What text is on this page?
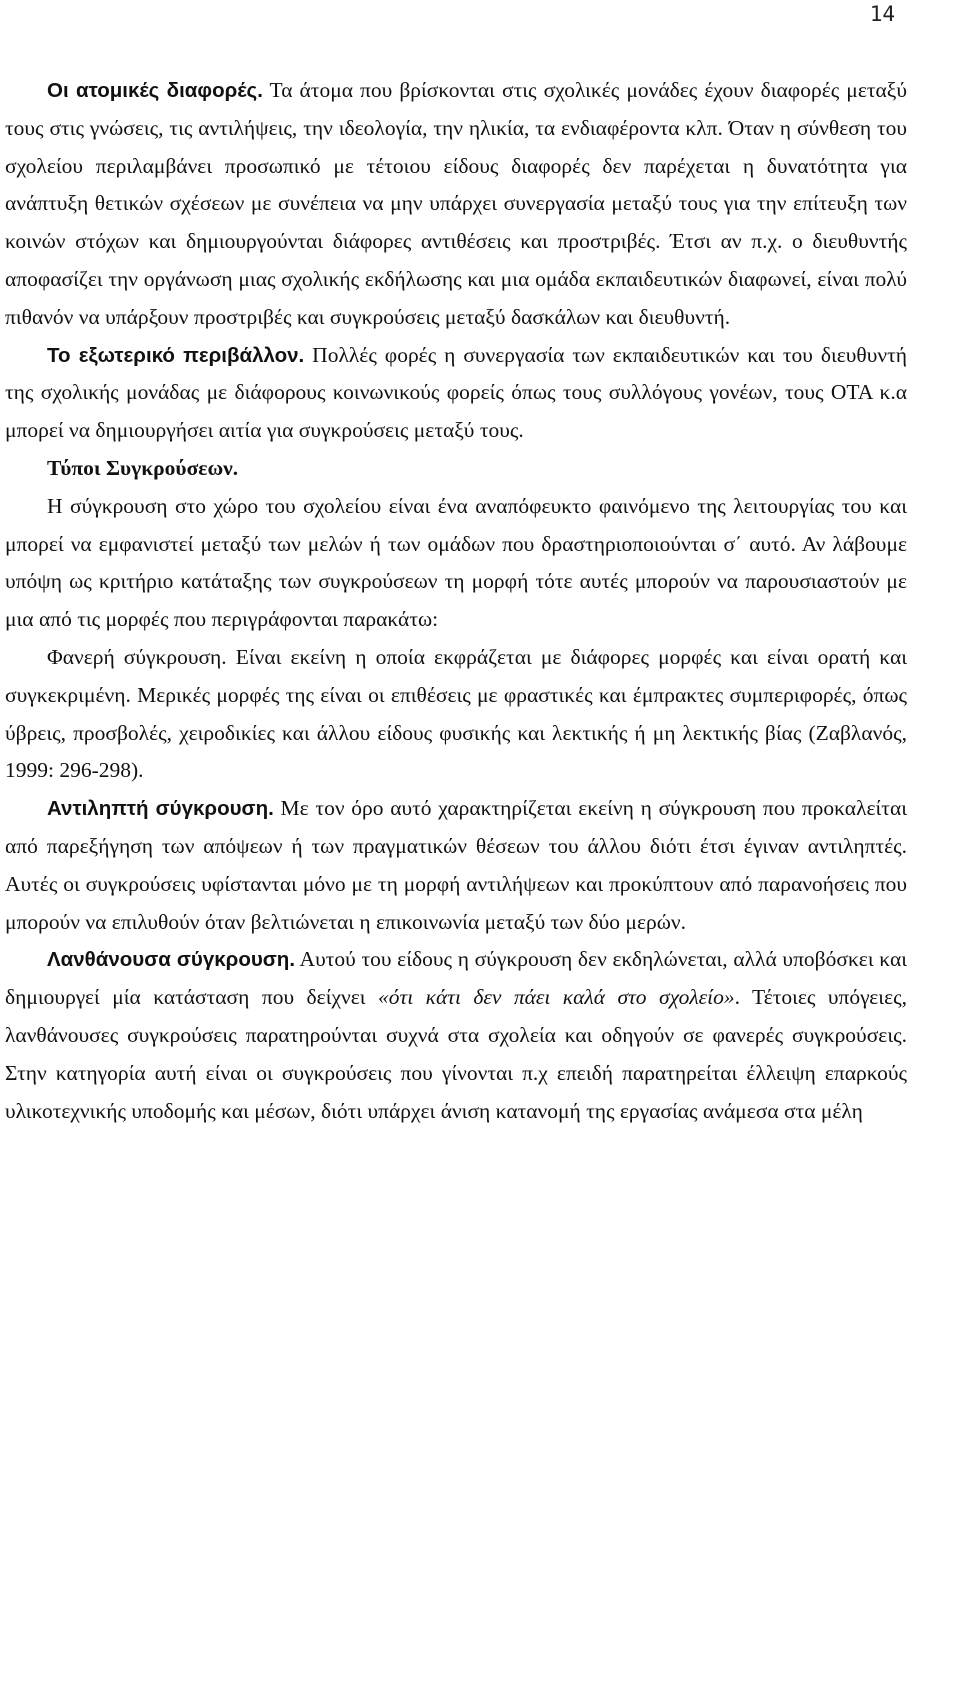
14

Οι ατομικές διαφορές. Τα άτομα που βρίσκονται στις σχολικές μονάδες έχουν διαφορές μεταξύ τους στις γνώσεις, τις αντιλήψεις, την ιδεολογία, την ηλικία, τα ενδιαφέροντα κλπ. Όταν η σύνθεση του σχολείου περιλαμβάνει προσωπικό με τέτοιου είδους διαφορές δεν παρέχεται η δυνατότητα για ανάπτυξη θετικών σχέσεων με συνέπεια να μην υπάρχει συνεργασία μεταξύ τους για την επίτευξη των κοινών στόχων και δημιουργούνται διάφορες αντιθέσεις και προστριβές. Έτσι αν π.χ. ο διευθυντής αποφασίζει την οργάνωση μιας σχολικής εκδήλωσης και μια ομάδα εκπαιδευτικών διαφωνεί, είναι πολύ πιθανόν να υπάρξουν προστριβές και συγκρούσεις μεταξύ δασκάλων και διευθυντή.

Το εξωτερικό περιβάλλον. Πολλές φορές η συνεργασία των εκπαιδευτικών και του διευθυντή της σχολικής μονάδας με διάφορους κοινωνικούς φορείς όπως τους συλλόγους γονέων, τους ΟΤΑ κ.α μπορεί να δημιουργήσει αιτία για συγκρούσεις μεταξύ τους.

Τύποι Συγκρούσεων.

Η σύγκρουση στο χώρο του σχολείου είναι ένα αναπόφευκτο φαινόμενο της λειτουργίας του και μπορεί να εμφανιστεί μεταξύ των μελών ή των ομάδων που δραστηριοποιούνται σ΄ αυτό. Αν λάβουμε υπόψη ως κριτήριο κατάταξης των συγκρούσεων τη μορφή τότε αυτές μπορούν να παρουσιαστούν με μια από τις μορφές που περιγράφονται παρακάτω:

Φανερή σύγκρουση. Είναι εκείνη η οποία εκφράζεται με διάφορες μορφές και είναι ορατή και συγκεκριμένη. Μερικές μορφές της είναι οι επιθέσεις με φραστικές και έμπρακτες συμπεριφορές, όπως ύβρεις, προσβολές, χειροδικίες και άλλου είδους φυσικής και λεκτικής ή μη λεκτικής βίας (Ζαβλανός, 1999: 296-298).

Αντιληπτή σύγκρουση. Με τον όρο αυτό χαρακτηρίζεται εκείνη η σύγκρουση που προκαλείται από παρεξήγηση των απόψεων ή των πραγματικών θέσεων του άλλου διότι έτσι έγιναν αντιληπτές. Αυτές οι συγκρούσεις υφίστανται μόνο με τη μορφή αντιλήψεων και προκύπτουν από παρανοήσεις που μπορούν να επιλυθούν όταν βελτιώνεται η επικοινωνία μεταξύ των δύο μερών.

Λανθάνουσα σύγκρουση. Αυτού του είδους η σύγκρουση δεν εκδηλώνεται, αλλά υποβόσκει και δημιουργεί μία κατάσταση που δείχνει «ότι κάτι δεν πάει καλά στο σχολείο». Τέτοιες υπόγειες, λανθάνουσες συγκρούσεις παρατηρούνται συχνά στα σχολεία και οδηγούν σε φανερές συγκρούσεις. Στην κατηγορία αυτή είναι οι συγκρούσεις που γίνονται π.χ επειδή παρατηρείται έλλειψη επαρκούς υλικοτεχνικής υποδομής και μέσων, διότι υπάρχει άνιση κατανομή της εργασίας ανάμεσα στα μέλη
